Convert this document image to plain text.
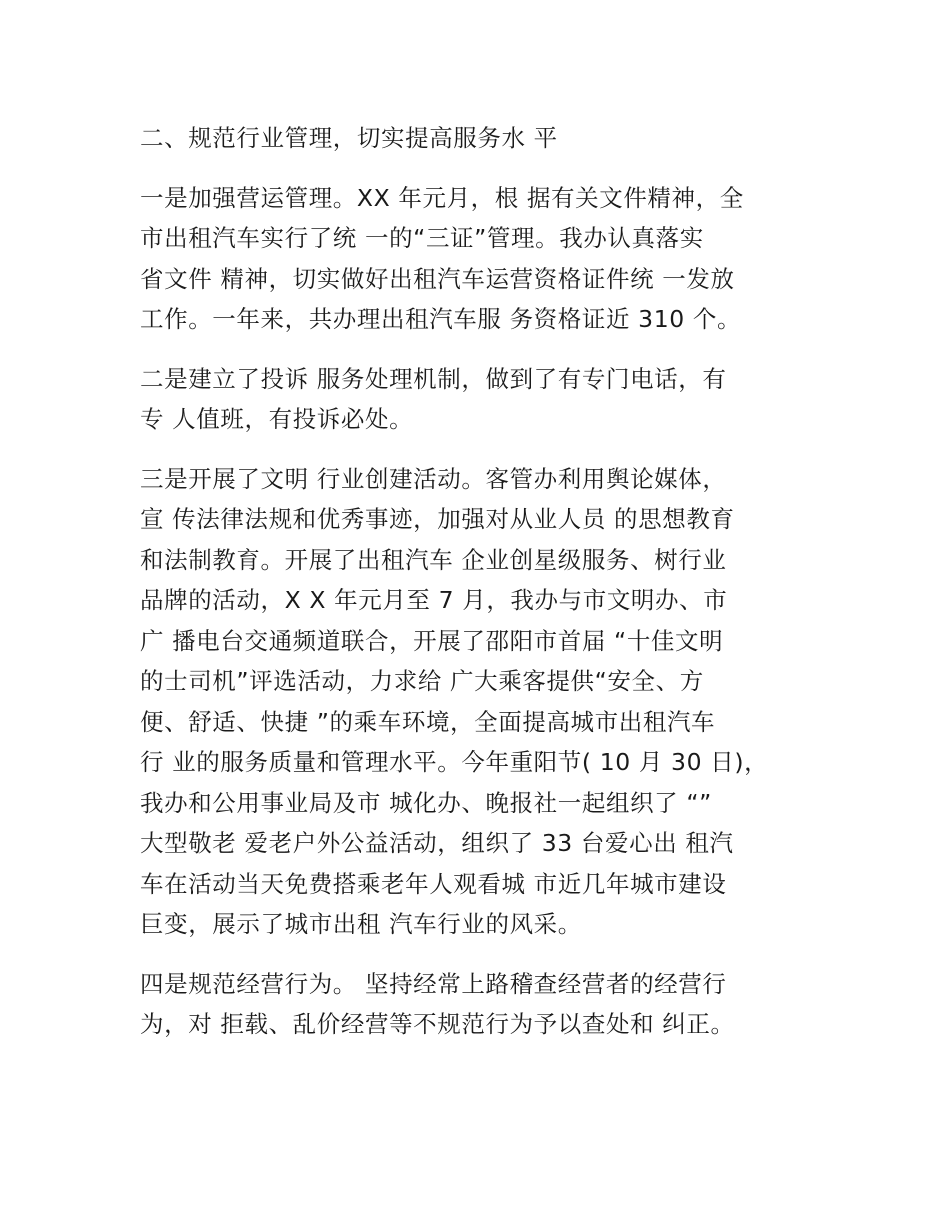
二、规范行业管理，切实提高服务水 平
一是加强营运管理。XX 年元月，根 据有关文件精神，全
市出租汽车实行了统 一的“三证”管理。我办认真落实
省文件 精神，切实做好出租汽车运营资格证件统 一发放
工作。一年来，共办理出租汽车服 务资格证近 310 个。
二是建立了投诉 服务处理机制，做到了有专门电话，有
专 人值班，有投诉必处。
三是开展了文明 行业创建活动。客管办利用舆论媒体，
宣 传法律法规和优秀事迹，加强对从业人员 的思想教育
和法制教育。开展了出租汽车 企业创星级服务、树行业
品牌的活动，X X 年元月至 7 月，我办与市文明办、市
广 播电台交通频道联合，开展了邵阳市首届 “十佳文明
的士司机”评选活动，力求给 广大乘客提供“安全、方
便、舒适、快捷 ”的乘车环境，全面提高城市出租汽车
行 业的服务质量和管理水平。今年重阳节( 10 月 30 日)，
我办和公用事业局及市 城化办、晚报社一起组织了 “”
大型敬老 爱老户外公益活动，组织了 33 台爱心出 租汽
车在活动当天免费搭乘老年人观看城 市近几年城市建设
巨变，展示了城市出租 汽车行业的风采。
四是规范经营行为。 坚持经常上路稽查经营者的经营行
为，对 拒载、乱价经营等不规范行为予以查处和 纠正。
